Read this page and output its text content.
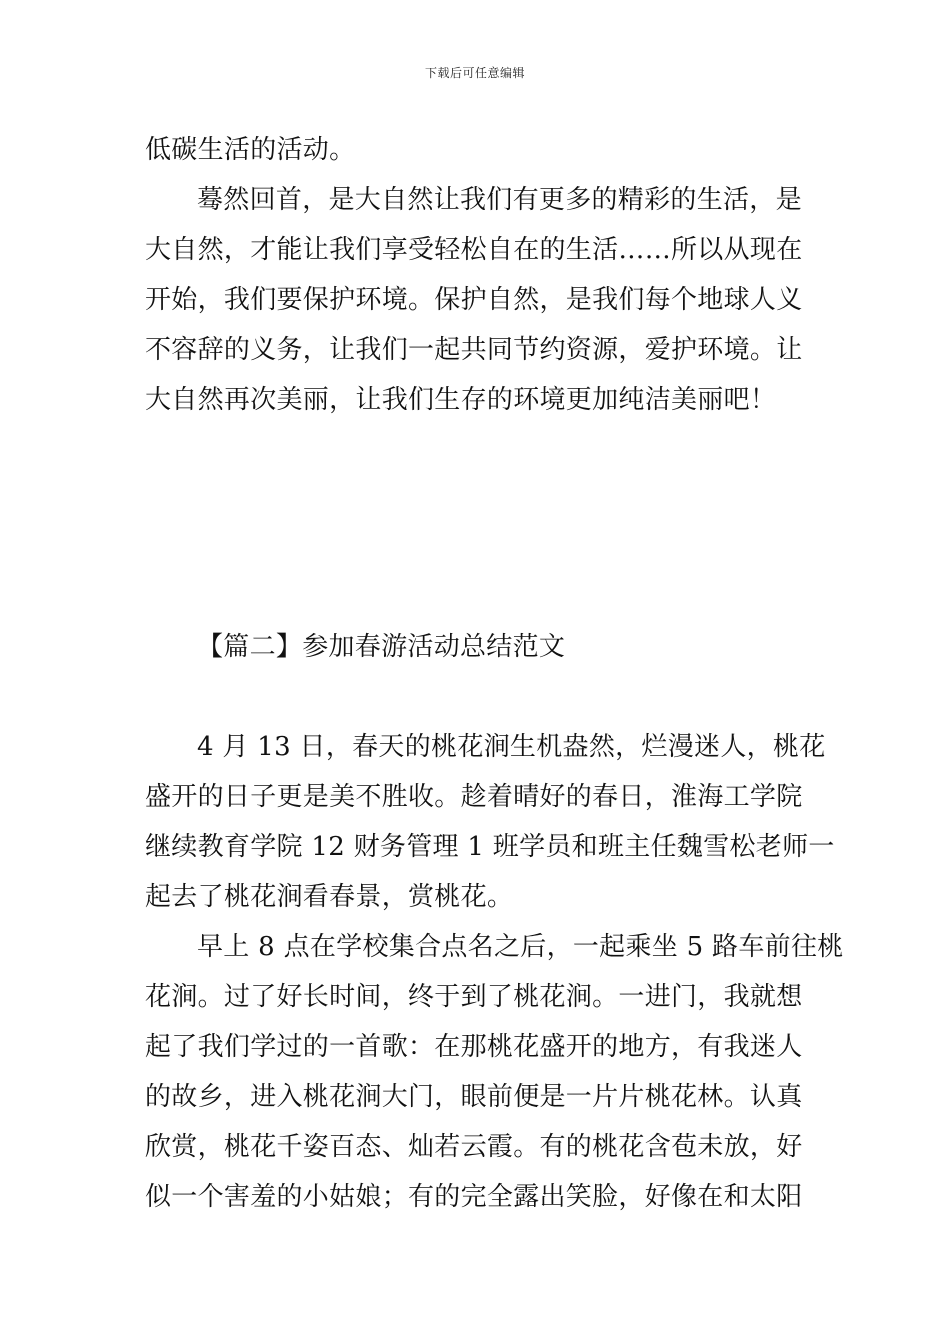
下载后可任意编辑
低碳生活的活动。
蓦然回首，是大自然让我们有更多的精彩的生活，是
大自然，才能让我们享受轻松自在的生活……所以从现在
开始，我们要保护环境。保护自然，是我们每个地球人义
不容辞的义务，让我们一起共同节约资源，爱护环境。让
大自然再次美丽，让我们生存的环境更加纯洁美丽吧！
【篇二】参加春游活动总结范文
4 月 13 日，春天的桃花涧生机盎然，烂漫迷人，桃花
盛开的日子更是美不胜收。趁着晴好的春日，淮海工学院
继续教育学院 12 财务管理 1 班学员和班主任魏雪松老师一
起去了桃花涧看春景，赏桃花。
早上 8 点在学校集合点名之后，一起乘坐 5 路车前往桃
花涧。过了好长时间，终于到了桃花涧。一进门，我就想
起了我们学过的一首歌：在那桃花盛开的地方，有我迷人
的故乡，进入桃花涧大门，眼前便是一片片桃花林。认真
欣赏，桃花千姿百态、灿若云霞。有的桃花含苞未放，好
似一个害羞的小姑娘；有的完全露出笑脸，好像在和太阳
